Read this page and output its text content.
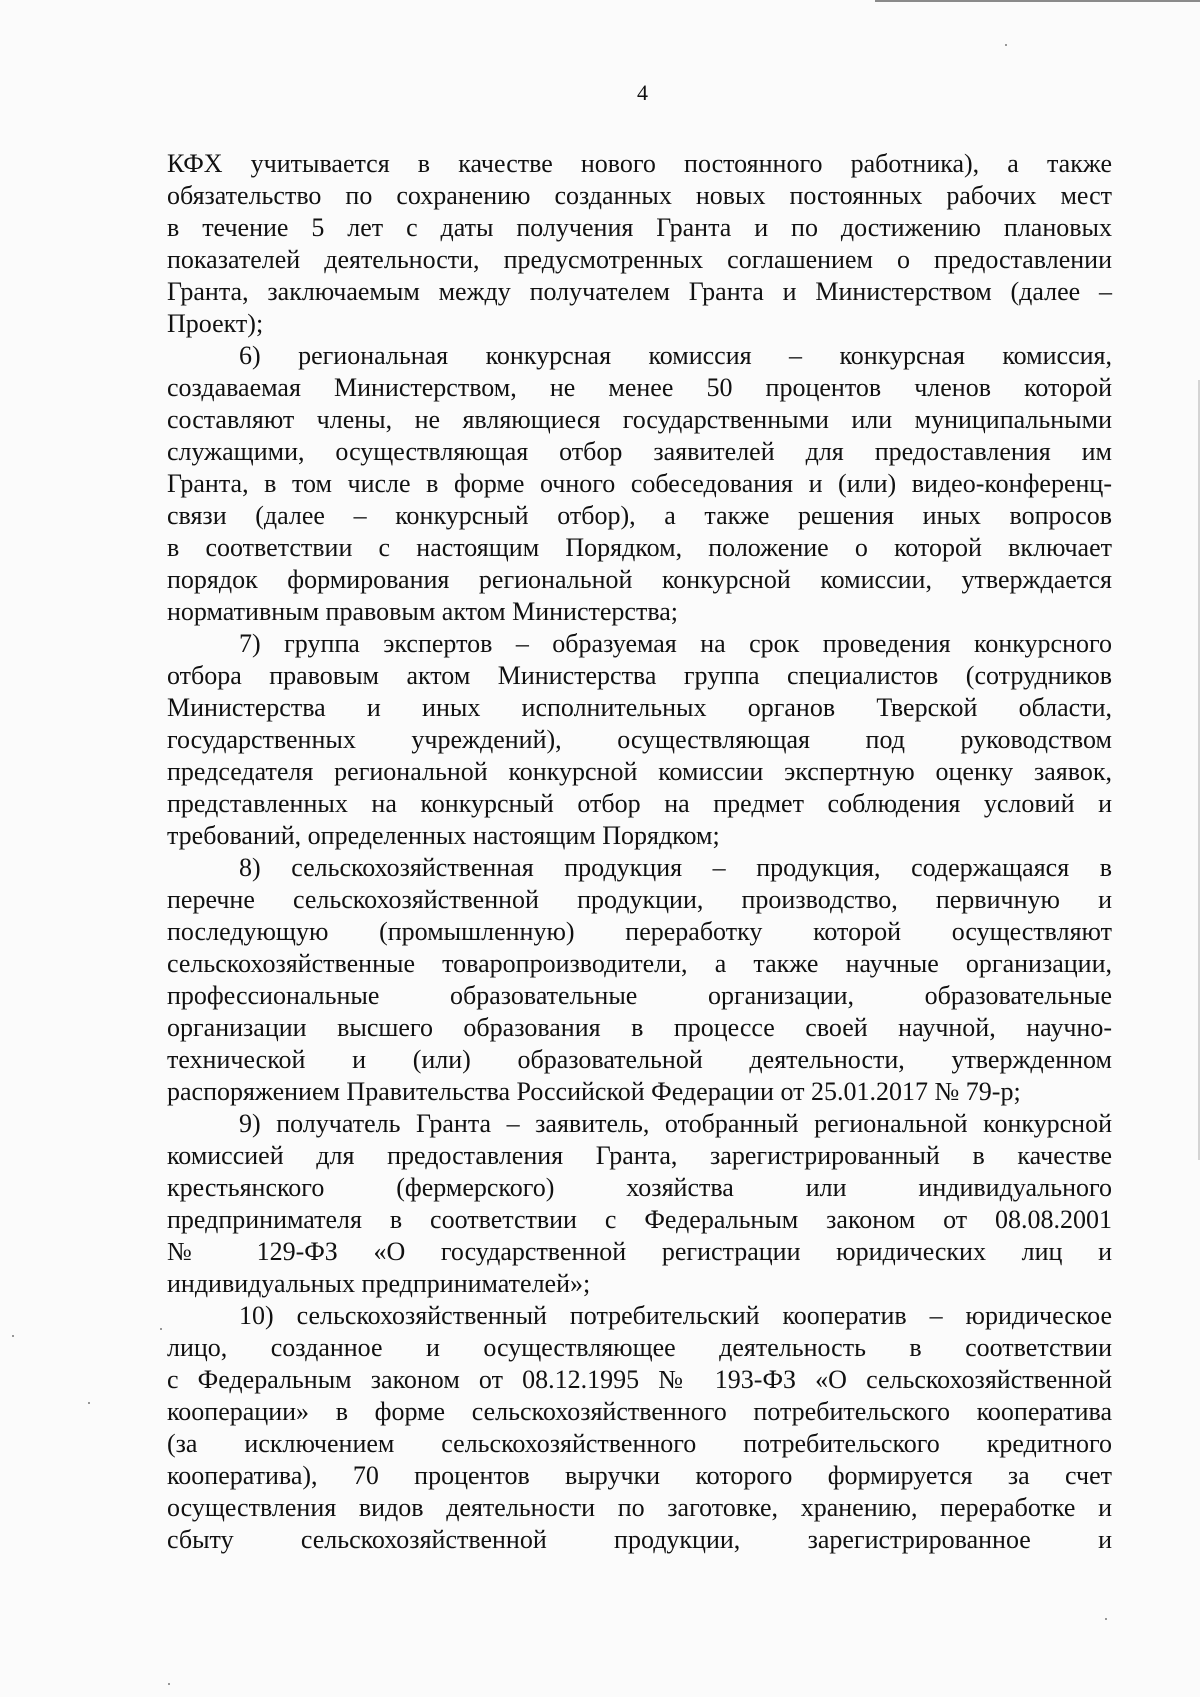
4
КФХ учитывается в качестве нового постоянного работника), а также
обязательство по сохранению созданных новых постоянных рабочих мест
в течение 5 лет с даты получения Гранта и по достижению плановых
показателей деятельности, предусмотренных соглашением о предоставлении
Гранта, заключаемым между получателем Гранта и Министерством (далее –
Проект);
6) региональная конкурсная комиссия – конкурсная комиссия,
создаваемая Министерством, не менее 50 процентов членов которой
составляют члены, не являющиеся государственными или муниципальными
служащими, осуществляющая отбор заявителей для предоставления им
Гранта, в том числе в форме очного собеседования и (или) видео-конференц-
связи (далее – конкурсный отбор), а также решения иных вопросов
в соответствии с настоящим Порядком, положение о которой включает
порядок формирования региональной конкурсной комиссии, утверждается
нормативным правовым актом Министерства;
7) группа экспертов – образуемая на срок проведения конкурсного
отбора правовым актом Министерства группа специалистов (сотрудников
Министерства и иных исполнительных органов Тверской области,
государственных учреждений), осуществляющая под руководством
председателя региональной конкурсной комиссии экспертную оценку заявок,
представленных на конкурсный отбор на предмет соблюдения условий и
требований, определенных настоящим Порядком;
8) сельскохозяйственная продукция – продукция, содержащаяся в
перечне сельскохозяйственной продукции, производство, первичную и
последующую (промышленную) переработку которой осуществляют
сельскохозяйственные товаропроизводители, а также научные организации,
профессиональные образовательные организации, образовательные
организации высшего образования в процессе своей научной, научно-
технической и (или) образовательной деятельности, утвержденном
распоряжением Правительства Российской Федерации от 25.01.2017 № 79-р;
9) получатель Гранта – заявитель, отобранный региональной конкурсной
комиссией для предоставления Гранта, зарегистрированный в качестве
крестьянского (фермерского) хозяйства или индивидуального
предпринимателя в соответствии с Федеральным законом от 08.08.2001
№ 129-ФЗ «О государственной регистрации юридических лиц и
индивидуальных предпринимателей»;
10) сельскохозяйственный потребительский кооператив – юридическое
лицо, созданное и осуществляющее деятельность в соответствии
с Федеральным законом от 08.12.1995 № 193-ФЗ «О сельскохозяйственной
кооперации» в форме сельскохозяйственного потребительского кооператива
(за исключением сельскохозяйственного потребительского кредитного
кооператива), 70 процентов выручки которого формируется за счет
осуществления видов деятельности по заготовке, хранению, переработке и
сбыту сельскохозяйственной продукции, зарегистрированное и
